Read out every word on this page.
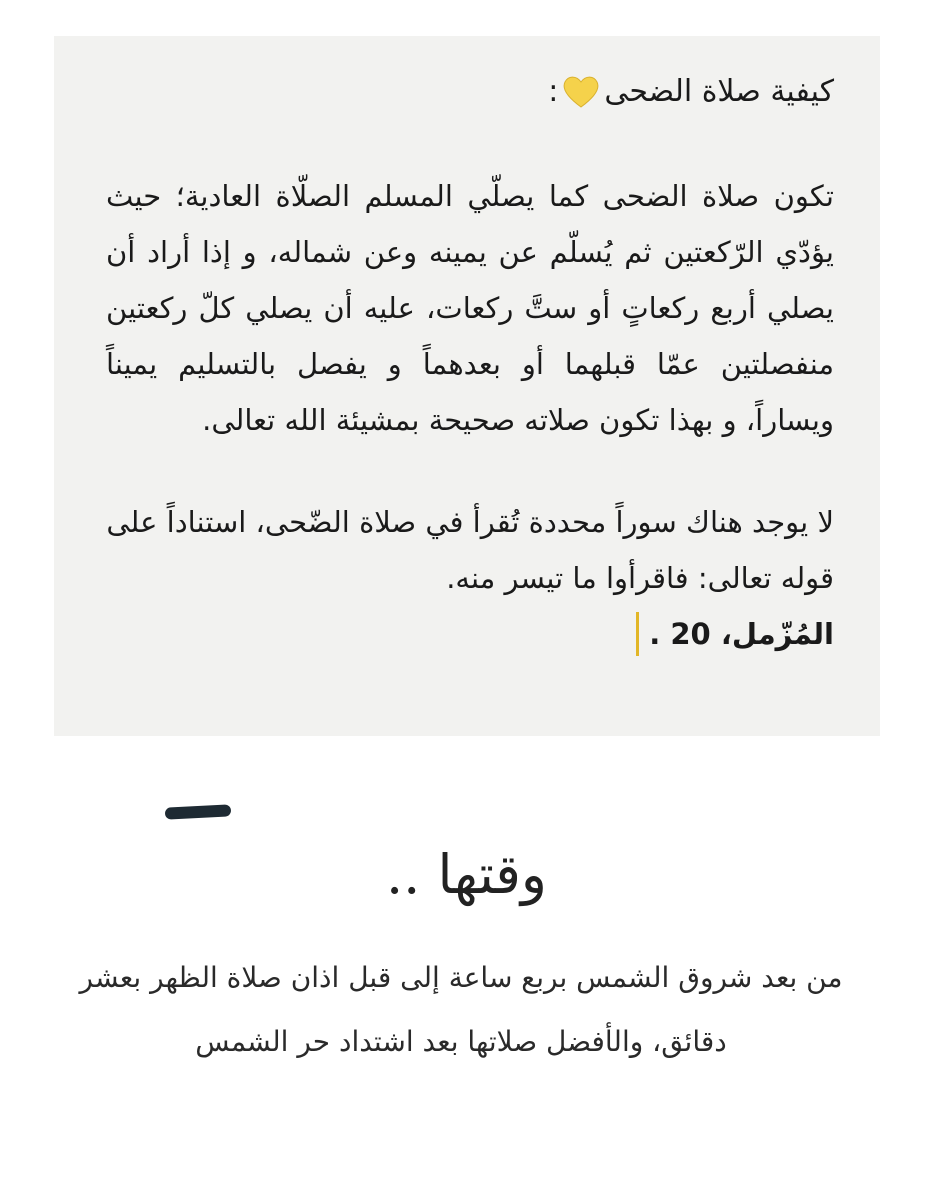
كيفية صلاة الضحى
:

تكون صلاة الضحى كما يصلّي المسلم الصلّاة العادية؛ حيث يؤدّي الرّكعتين ثم يُسلّم عن يمينه وعن شماله، و إذا أراد أن يصلي أربع ركعاتٍ أو ستَّ ركعات، عليه أن يصلي كلّ ركعتين منفصلتين عمّا قبلهما أو بعدهماً و يفصل بالتسليم يميناً ويساراً، و بهذا تكون صلاته صحيحة بمشيئة الله تعالى.

لا يوجد هناك سوراً محددة تُقرأ في صلاة الضّحى، استناداً على قوله تعالى: فاقرأوا ما تيسر منه.

المُزّمل، 20 .

وقتها ..

من بعد شروق الشمس بربع ساعة إلى قبل اذان صلاة الظهر بعشر دقائق، والأفضل صلاتها بعد اشتداد حر الشمس
